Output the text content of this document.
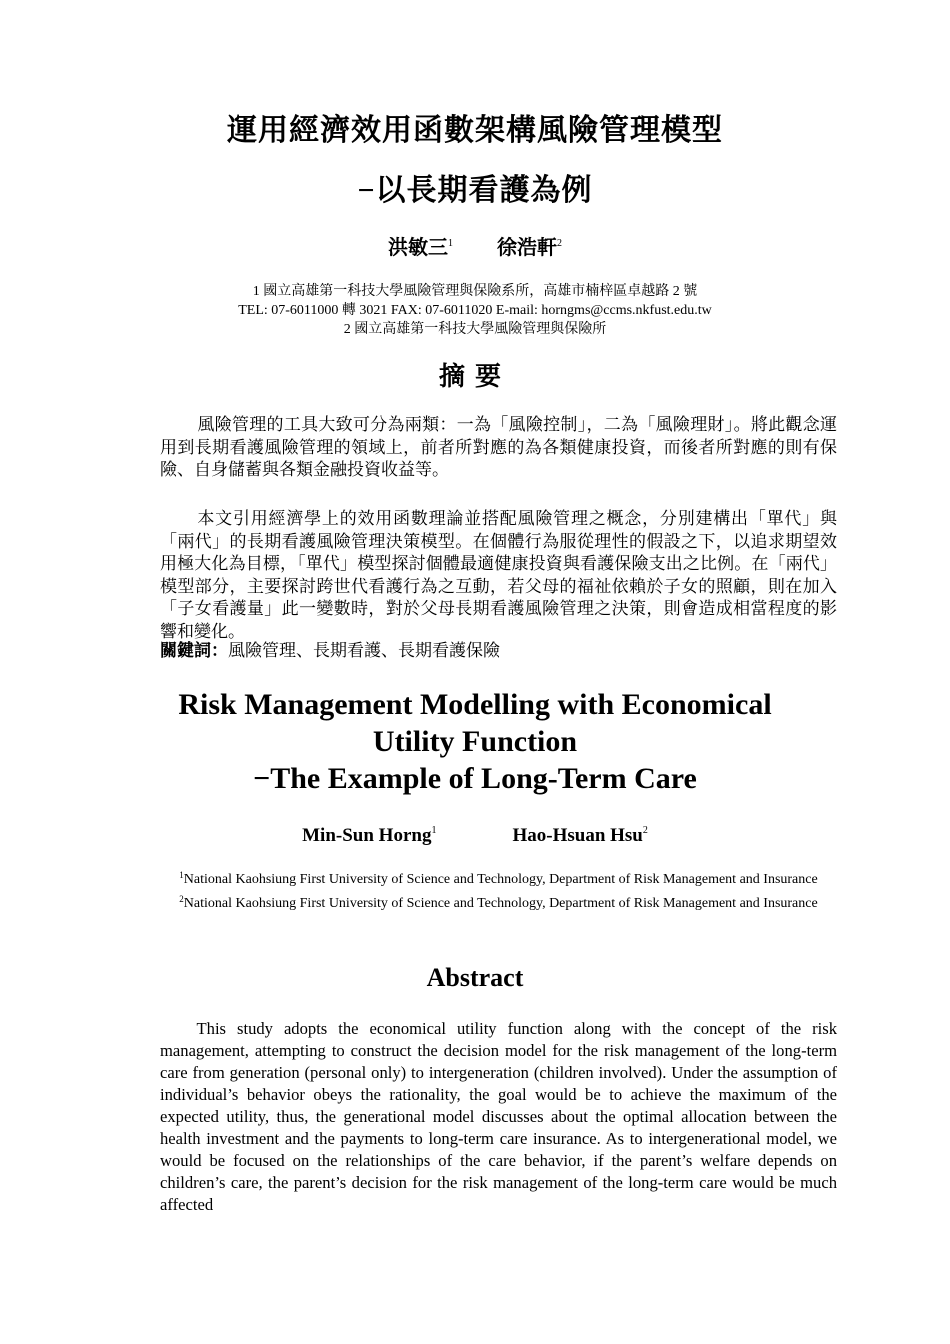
運用經濟效用函數架構風險管理模型
−以長期看護為例
洪敏三$^1$ 徐浩軒$^2$
1 國立高雄第一科技大學風險管理與保險系所，高雄市楠梓區卓越路 2 號
TEL: 07-6011000 轉 3021 FAX: 07-6011020 E-mail: horngms@ccms.nkfust.edu.tw
2 國立高雄第一科技大學風險管理與保險所
摘要

風險管理的工具大致可分為兩類：一為「風險控制」，二為「風險理財」。將此觀念運用到長期看護風險管理的領域上，前者所對應的為各類健康投資，而後者所對應的則有保險、自身儲蓄與各類金融投資收益等。

本文引用經濟學上的效用函數理論並搭配風險管理之概念，分別建構出「單代」與「兩代」的長期看護風險管理決策模型。在個體行為服從理性的假設之下，以追求期望效用極大化為目標，「單代」模型探討個體最適健康投資與看護保險支出之比例。在「兩代」模型部分，主要探討跨世代看護行為之互動，若父母的福祉依賴於子女的照顧，則在加入「子女看護量」此一變數時，對於父母長期看護風險管理之決策，則會造成相當程度的影響和變化。

關鍵詞：風險管理、長期看護、長期看護保險

Risk Management Modelling with Economical
Utility Function
−The Example of Long-Term Care
Min-Sun Horng$^1$	Hao-Hsuan Hsu$^2$
$^1$National Kaohsiung First University of Science and Technology, Department of Risk Management and Insurance
$^2$National Kaohsiung First University of Science and Technology, Department of Risk Management and Insurance
Abstract

This study adopts the economical utility function along with the concept of the risk management, attempting to construct the decision model for the risk management of the long-term care from generation (personal only) to intergeneration (children involved). Under the assumption of individual’s behavior obeys the rationality, the goal would be to achieve the maximum of the expected utility, thus, the generational model discusses about the optimal allocation between the health investment and the payments to long-term care insurance. As to intergenerational model, we would be focused on the relationships of the care behavior, if the parent’s welfare depends on children’s care, the parent’s decision for the risk management of the long-term care would be much affected
